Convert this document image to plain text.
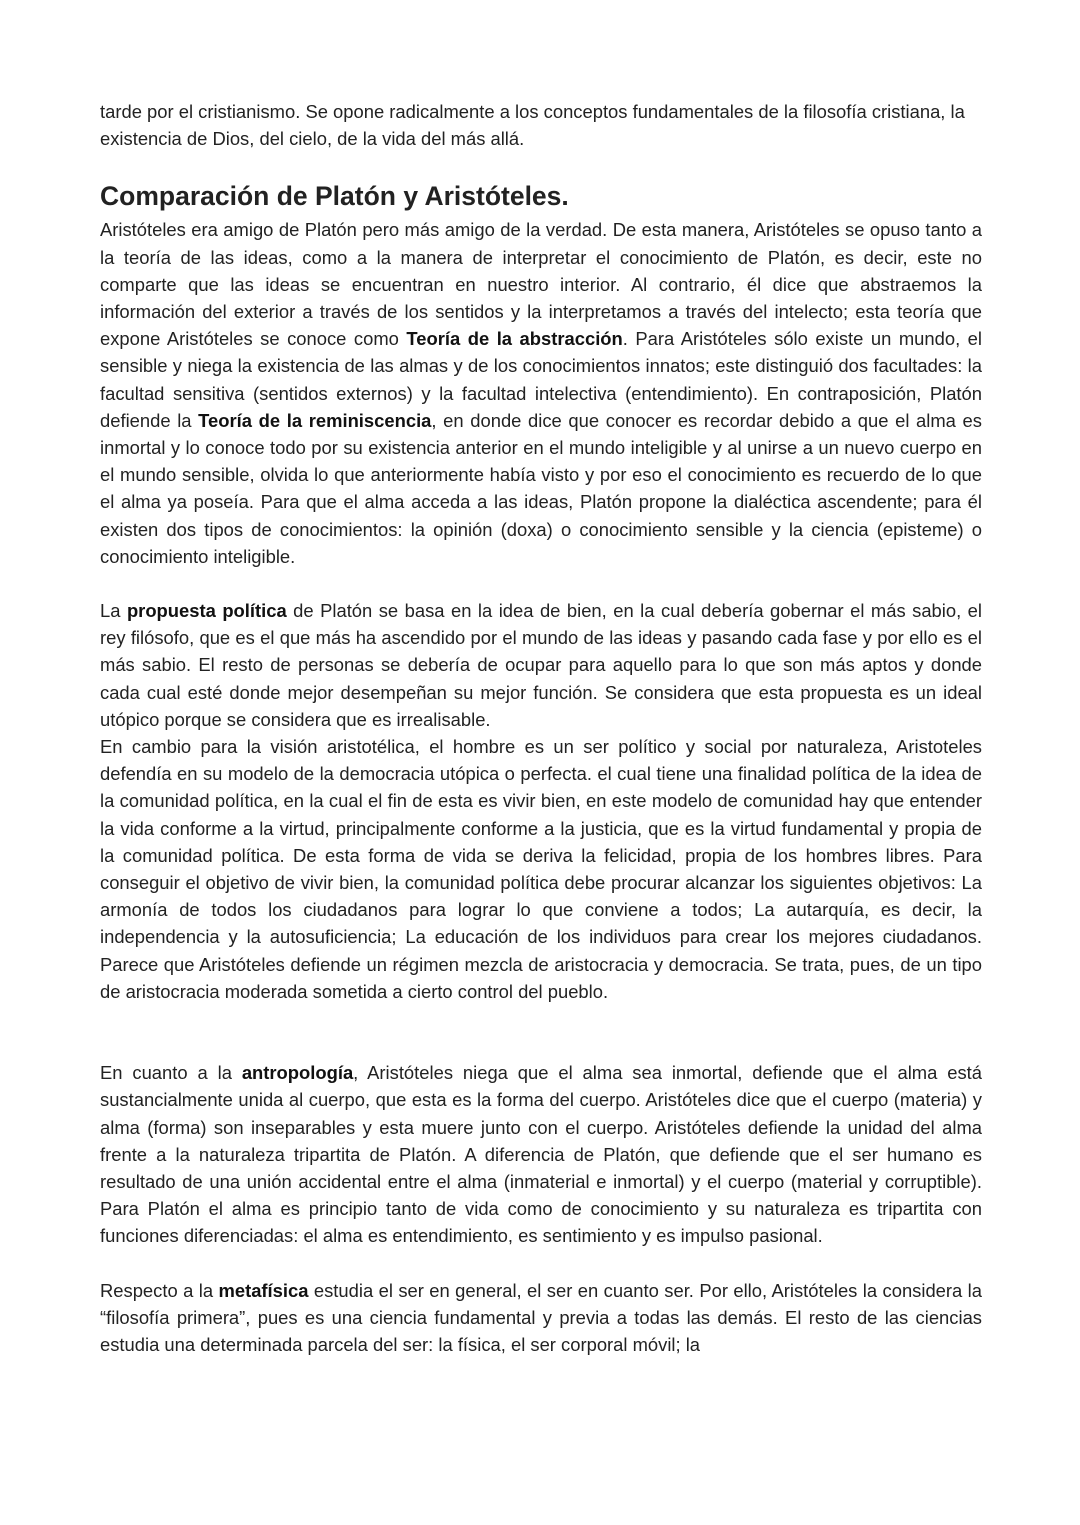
tarde por el cristianismo. Se opone radicalmente a los conceptos fundamentales de la filosofía cristiana, la existencia de Dios, del cielo, de la vida del más allá.

Comparación de Platón y Aristóteles.

Aristóteles era amigo de Platón pero más amigo de la verdad. De esta manera, Aristóteles se opuso tanto a la teoría de las ideas, como a la manera de interpretar el conocimiento de Platón, es decir, este no comparte que las ideas se encuentran en nuestro interior. Al contrario, él dice que abstraemos la información del exterior a través de los sentidos y la interpretamos a través del intelecto; esta teoría que expone Aristóteles se conoce como Teoría de la abstracción. Para Aristóteles sólo existe un mundo, el sensible y niega la existencia de las almas y de los conocimientos innatos; este distinguió dos facultades: la facultad sensitiva (sentidos externos) y la facultad intelectiva (entendimiento). En contraposición, Platón defiende la Teoría de la reminiscencia, en donde dice que conocer es recordar debido a que el alma es inmortal y lo conoce todo por su existencia anterior en el mundo inteligible y al unirse a un nuevo cuerpo en el mundo sensible, olvida lo que anteriormente había visto y por eso el conocimiento es recuerdo de lo que el alma ya poseía. Para que el alma acceda a las ideas, Platón propone la dialéctica ascendente; para él existen dos tipos de conocimientos: la opinión (doxa) o conocimiento sensible y la ciencia (episteme) o conocimiento inteligible.

La propuesta política de Platón se basa en la idea de bien, en la cual debería gobernar el más sabio, el rey filósofo, que es el que más ha ascendido por el mundo de las ideas y pasando cada fase y por ello es el más sabio. El resto de personas se debería de ocupar para aquello para lo que son más aptos y donde cada cual esté donde mejor desempeñan su mejor función. Se considera que esta propuesta es un ideal utópico porque se considera que es irrealisable.

En cambio para la visión aristotélica, el hombre es un ser político y social por naturaleza, Aristoteles defendía en su modelo de la democracia utópica o perfecta. el cual tiene una finalidad política de la idea de la comunidad política, en la cual el fin de esta es vivir bien, en este modelo de comunidad hay que entender la vida conforme a la virtud, principalmente conforme a la justicia, que es la virtud fundamental y propia de la comunidad política. De esta forma de vida se deriva la felicidad, propia de los hombres libres. Para conseguir el objetivo de vivir bien, la comunidad política debe procurar alcanzar los siguientes objetivos: La armonía de todos los ciudadanos para lograr lo que conviene a todos; La autarquía, es decir, la independencia y la autosuficiencia; La educación de los individuos para crear los mejores ciudadanos. Parece que Aristóteles defiende un régimen mezcla de aristocracia y democracia. Se trata, pues, de un tipo de aristocracia moderada sometida a cierto control del pueblo.

En cuanto a la antropología, Aristóteles niega que el alma sea inmortal, defiende que el alma está sustancialmente unida al cuerpo, que esta es la forma del cuerpo. Aristóteles dice que el cuerpo (materia) y alma (forma) son inseparables y esta muere junto con el cuerpo. Aristóteles defiende la unidad del alma frente a la naturaleza tripartita de Platón. A diferencia de Platón, que defiende que el ser humano es resultado de una unión accidental entre el alma (inmaterial e inmortal) y el cuerpo (material y corruptible). Para Platón el alma es principio tanto de vida como de conocimiento y su naturaleza es tripartita con funciones diferenciadas: el alma es entendimiento, es sentimiento y es impulso pasional.

Respecto a la metafísica estudia el ser en general, el ser en cuanto ser. Por ello, Aristóteles la considera la “filosofía primera”, pues es una ciencia fundamental y previa a todas las demás. El resto de las ciencias estudia una determinada parcela del ser: la física, el ser corporal móvil; la
